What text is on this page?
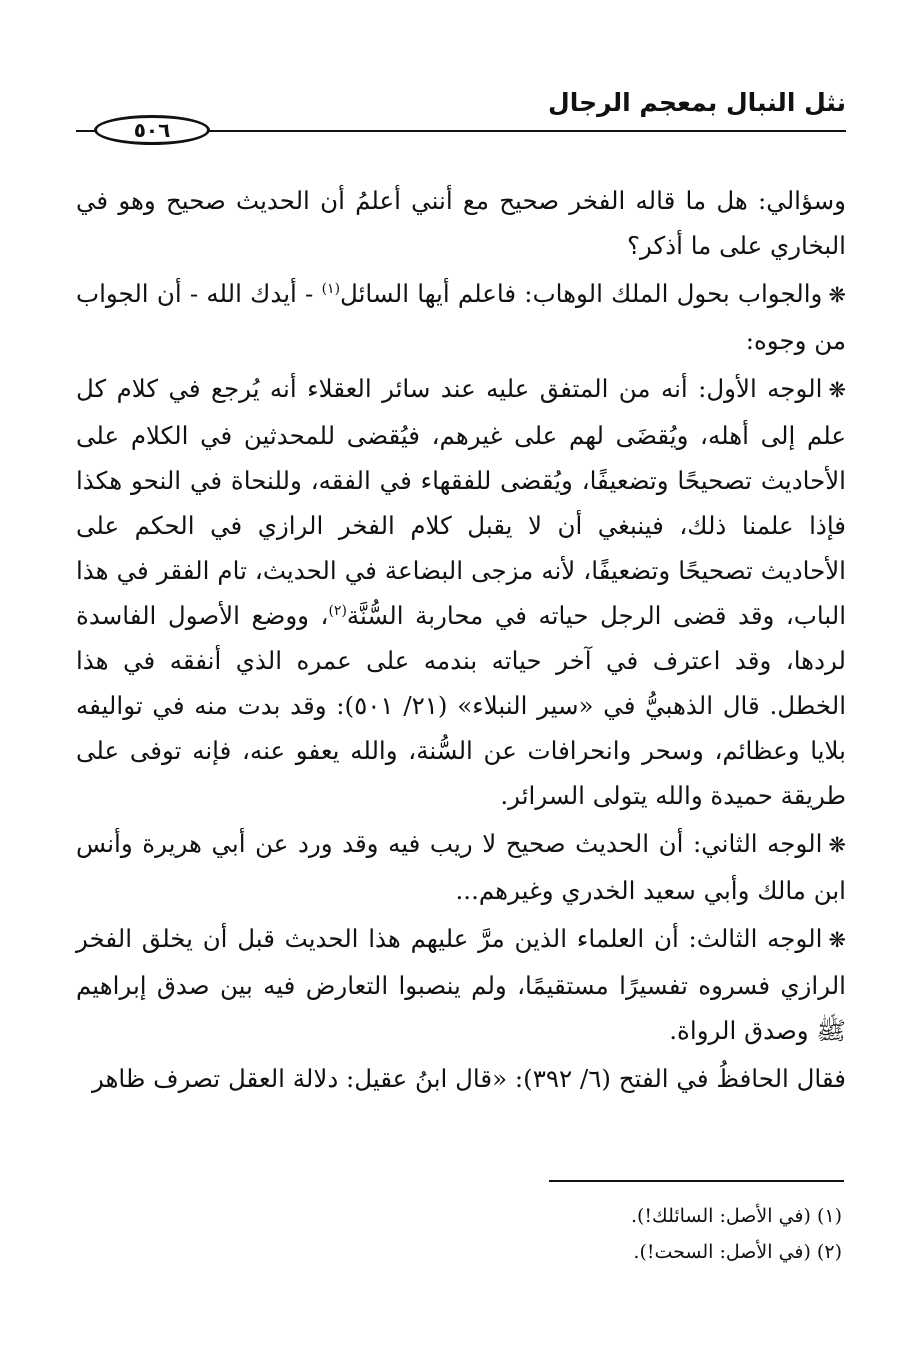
نثل النبال بمعجم الرجال
٥٠٦

وسؤالي: هل ما قاله الفخر صحيح مع أنني أعلمُ أن الحديث صحيح وهو في البخاري على ما أذكر؟

❋والجواب بحول الملك الوهاب: فاعلم أيها السائل$^{(١)}$ - أيدك الله - أن الجواب من وجوه:

❋الوجه الأول: أنه من المتفق عليه عند سائر العقلاء أنه يُرجع في كلام كل علم إلى أهله، ويُقضَى لهم على غيرهم، فيُقضى للمحدثين في الكلام على الأحاديث تصحيحًا وتضعيفًا، ويُقضى للفقهاء في الفقه، وللنحاة في النحو هكذا فإذا علمنا ذلك، فينبغي أن لا يقبل كلام الفخر الرازي في الحكم على الأحاديث تصحيحًا وتضعيفًا، لأنه مزجى البضاعة في الحديث، تام الفقر في هذا الباب، وقد قضى الرجل حياته في محاربة السُّنَّة$^{(٢)}$، ووضع الأصول الفاسدة لردها، وقد اعترف في آخر حياته بندمه على عمره الذي أنفقه في هذا الخطل. قال الذهبيُّ في «سير النبلاء» (٢١/ ٥٠١): وقد بدت منه في تواليفه بلايا وعظائم، وسحر وانحرافات عن السُّنة، والله يعفو عنه، فإنه توفى على طريقة حميدة والله يتولى السرائر.

❋الوجه الثاني: أن الحديث صحيح لا ريب فيه وقد ورد عن أبي هريرة وأنس ابن مالك وأبي سعيد الخدري وغيرهم...

❋الوجه الثالث: أن العلماء الذين مرَّ عليهم هذا الحديث قبل أن يخلق الفخر الرازي فسروه تفسيرًا مستقيمًا، ولم ينصبوا التعارض فيه بين صدق إبراهيم ﷺ وصدق الرواة.

فقال الحافظُ في الفتح (٦/ ٣٩٢): «قال ابنُ عقيل: دلالة العقل تصرف ظاهر

(١) (في الأصل: السائلك!).

(٢) (في الأصل: السحت!).
